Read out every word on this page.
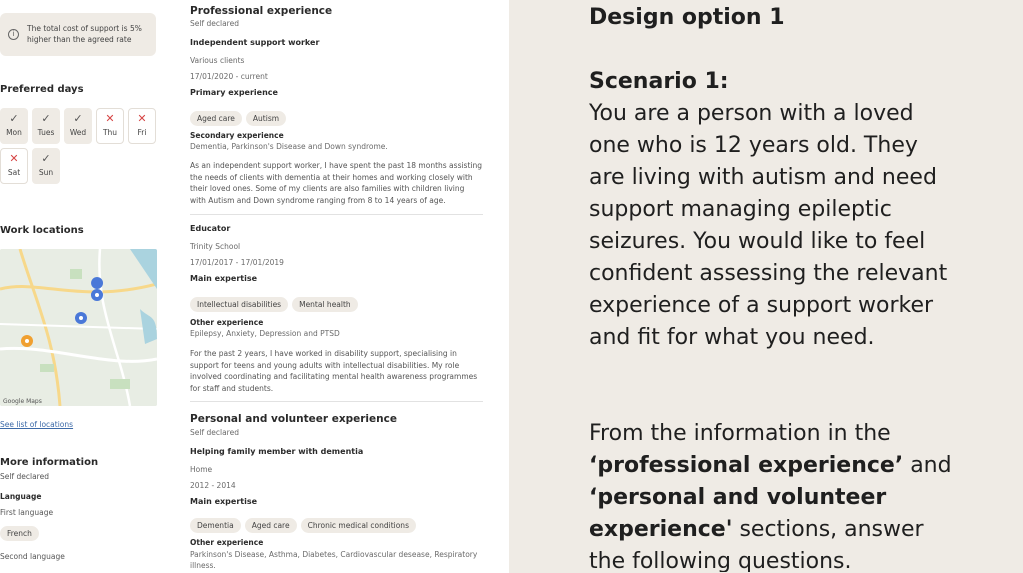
i
The total cost of support is 5% higher than the agreed rate
Preferred days
✓
Mon
✓
Tues
✓
Wed
✕
Thu
✕
Fri
✕
Sat
✓
Sun
Work locations
Google Maps
See list of locations
More information
Self declared
Language
First language
French
Second language
Professional experience
Self declared
Independent support worker
Various clients
17/01/2020 - current
Primary experience
Aged care Autism
Secondary experience
Dementia, Parkinson's Disease and Down syndrome.
As an independent support worker, I have spent the past 18 months assisting the needs of clients with dementia at their homes and working closely with their loved ones. Some of my clients are also families with children living with Autism and Down syndrome ranging from 8 to 14 years of age.
Educator
Trinity School
17/01/2017 - 17/01/2019
Main expertise
Intellectual disabilities Mental health
Other experience
Epilepsy, Anxiety, Depression and PTSD
For the past 2 years, I have worked in disability support, specialising in support for teens and young adults with intellectual disabilities. My role involved coordinating and facilitating mental health awareness programmes for staff and students.
Personal and volunteer experience
Self declared
Helping family member with dementia
Home
2012 - 2014
Main expertise
Dementia Aged care Chronic medical conditions
Other experience
Parkinson's Disease, Asthma, Diabetes, Cardiovascular desease, Respiratory illness.
Design option 1
Scenario 1:
You are a person with a loved one who is 12 years old. They are living with autism and need support managing epileptic seizures. You would like to feel confident assessing the relevant experience of a support worker and fit for what you need.
From the information in the ‘professional experience’ and ‘personal and volunteer experience' sections, answer the following questions.
